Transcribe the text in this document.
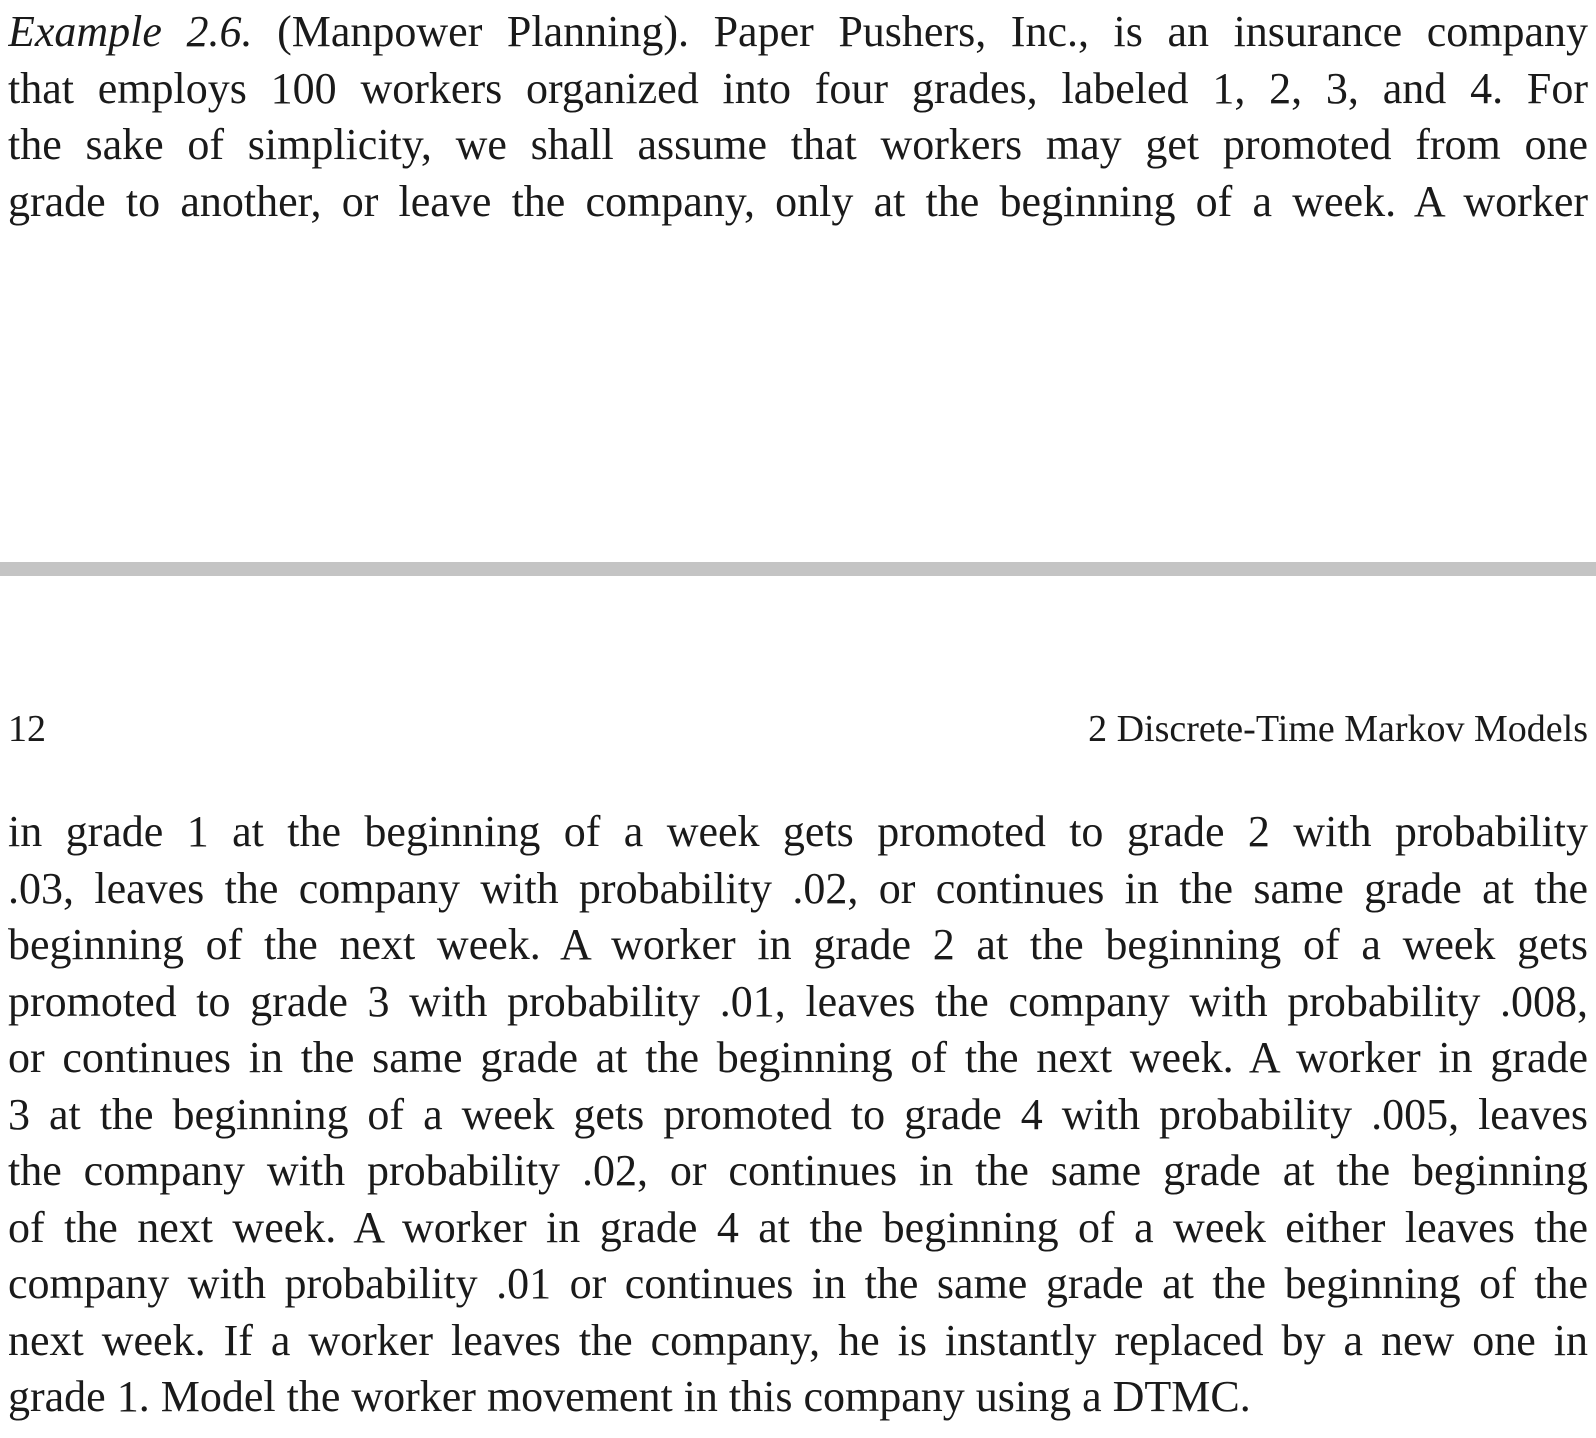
Example 2.6. (Manpower Planning). Paper Pushers, Inc., is an insurance company
that employs 100 workers organized into four grades, labeled 1, 2, 3, and 4. For
the sake of simplicity, we shall assume that workers may get promoted from one
grade to another, or leave the company, only at the beginning of a week. A worker
12	2 Discrete-Time Markov Models
in grade 1 at the beginning of a week gets promoted to grade 2 with probability
.03, leaves the company with probability .02, or continues in the same grade at the
beginning of the next week. A worker in grade 2 at the beginning of a week gets
promoted to grade 3 with probability .01, leaves the company with probability .008,
or continues in the same grade at the beginning of the next week. A worker in grade
3 at the beginning of a week gets promoted to grade 4 with probability .005, leaves
the company with probability .02, or continues in the same grade at the beginning
of the next week. A worker in grade 4 at the beginning of a week either leaves the
company with probability .01 or continues in the same grade at the beginning of the
next week. If a worker leaves the company, he is instantly replaced by a new one in
grade 1. Model the worker movement in this company using a DTMC.
